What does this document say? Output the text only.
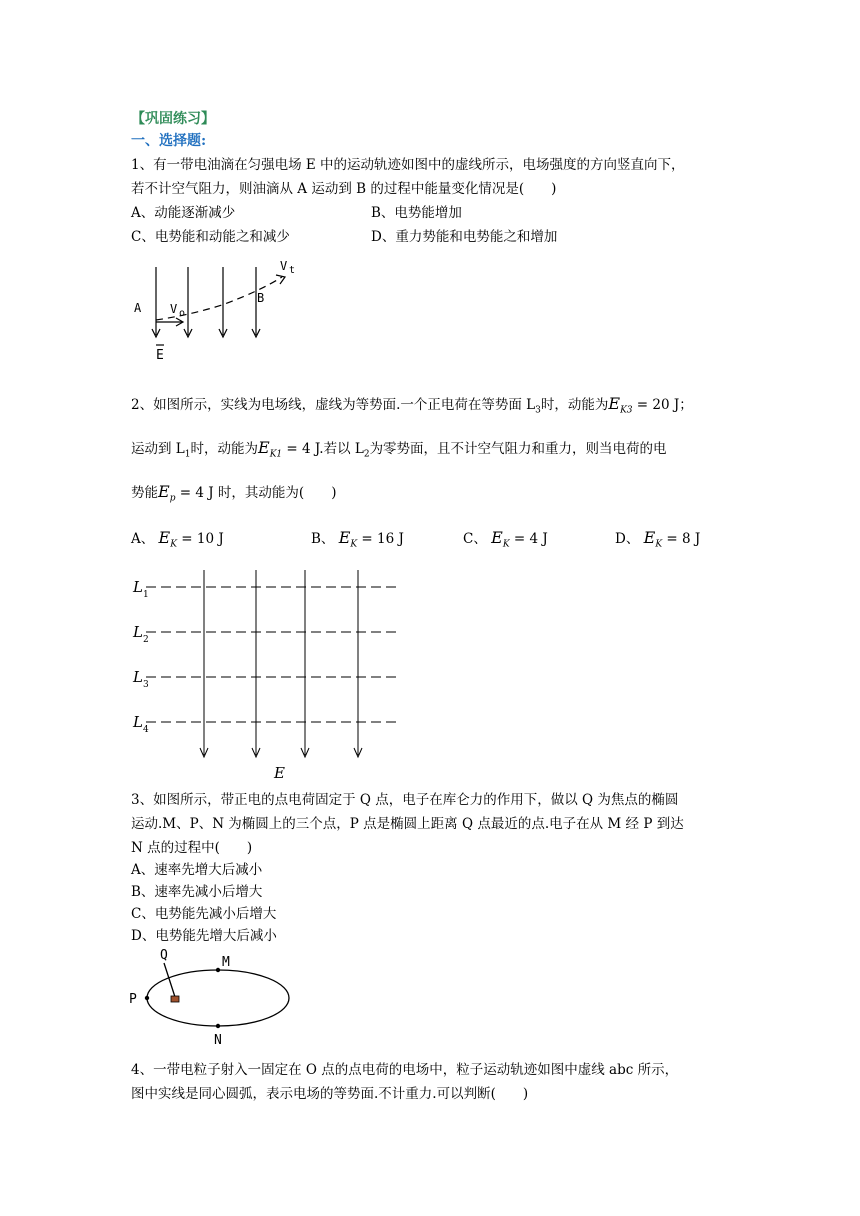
【巩固练习】
一、选择题:
1、有一带电油滴在匀强电场 E 中的运动轨迹如图中的虚线所示，电场强度的方向竖直向下，
若不计空气阻力，则油滴从 A 运动到 B 的过程中能量变化情况是(　　)
A、动能逐渐减少	B、电势能增加
C、电势能和动能之和减少	D、重力势能和电势能之和增加
A V o
B
V t
E
2、如图所示，实线为电场线，虚线为等势面.一个正电荷在等势面 $L_3$时，动能为$E_{K3} = 20$ J；
运动到 $L_1$时，动能为$E_{K1} = 4$ J.若以 $L_2$为零势面，且不计空气阻力和重力，则当电荷的电
势能$E_p = 4$ J 时，其动能为(　　)
A、 $E_K = 10$ J	B、 $E_K = 16$ J	C、 $E_K = 4$ J	D、 $E_K = 8$ J
L 1
L 2
L 3
L 4
E
3、如图所示，带正电的点电荷固定于 Q 点，电子在库仑力的作用下，做以 Q 为焦点的椭圆
运动.M、P、N 为椭圆上的三个点，P 点是椭圆上距离 Q 点最近的点.电子在从 M 经 P 到达
N 点的过程中(　　)
A、速率先增大后减小
B、速率先减小后增大
C、电势能先减小后增大
D、电势能先增大后减小
Q	M
P
N
4、一带电粒子射入一固定在 O 点的点电荷的电场中，粒子运动轨迹如图中虚线 abc 所示，
图中实线是同心圆弧，表示电场的等势面.不计重力.可以判断(　　)
